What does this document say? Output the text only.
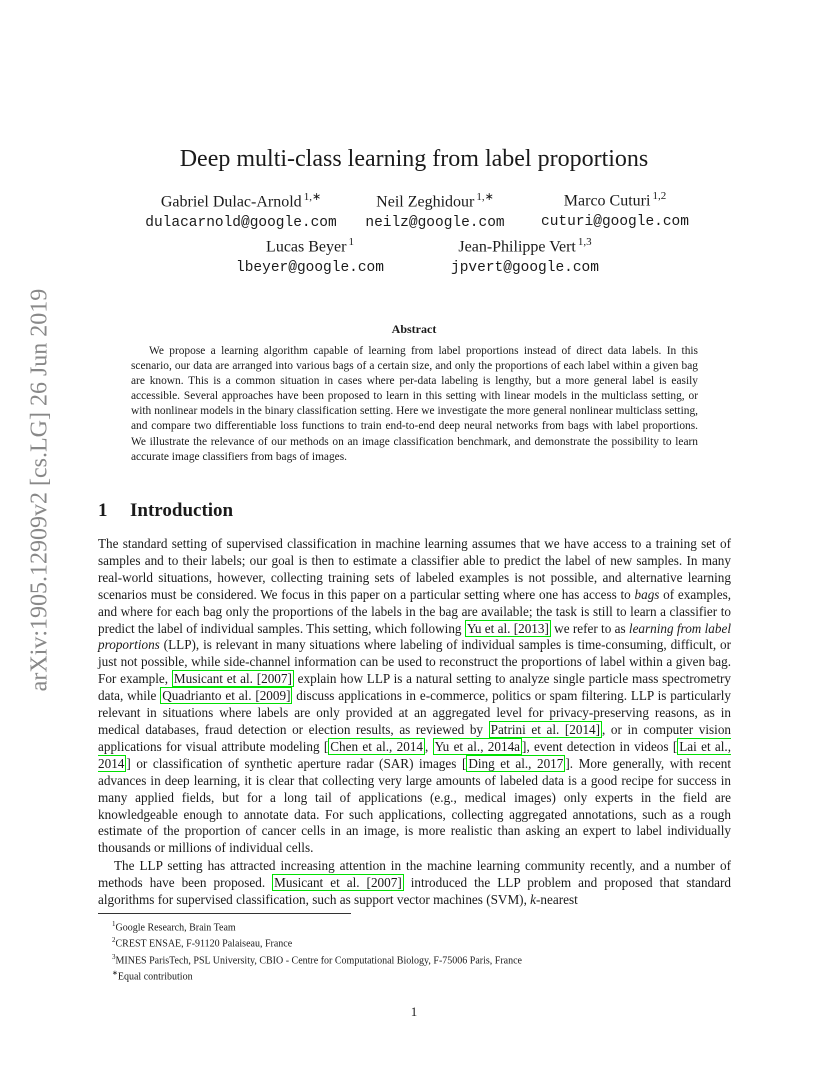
arXiv:1905.12909v2 [cs.LG] 26 Jun 2019
Deep multi-class learning from label proportions
Gabriel Dulac-Arnold $^{1,∗}$
dulacarnold@google.com
Neil Zeghidour $^{1,∗}$
neilz@google.com
Marco Cuturi $^{1,2}$
cuturi@google.com
Lucas Beyer $^1$
lbeyer@google.com
Jean-Philippe Vert $^{1,3}$
jpvert@google.com
Abstract
We propose a learning algorithm capable of learning from label proportions instead of direct data labels. In this scenario, our data are arranged into various bags of a certain size, and only the proportions of each label within a given bag are known. This is a common situation in cases where per-data labeling is lengthy, but a more general label is easily accessible. Several approaches have been proposed to learn in this setting with linear models in the multiclass setting, or with nonlinear models in the binary classification setting. Here we investigate the more general nonlinear multiclass setting, and compare two differentiable loss functions to train end-to-end deep neural networks from bags with label proportions. We illustrate the relevance of our methods on an image classification benchmark, and demonstrate the possibility to learn accurate image classifiers from bags of images.
1 Introduction

The standard setting of supervised classification in machine learning assumes that we have access to a training set of samples and to their labels; our goal is then to estimate a classifier able to predict the label of new samples. In many real-world situations, however, collecting training sets of labeled examples is not possible, and alternative learning scenarios must be considered. We focus in this paper on a particular setting where one has access to bags of examples, and where for each bag only the proportions of the labels in the bag are available; the task is still to learn a classifier to predict the label of individual samples. This setting, which following Yu et al. [2013] we refer to as learning from label proportions (LLP), is relevant in many situations where labeling of individual samples is time-consuming, difficult, or just not possible, while side-channel information can be used to reconstruct the proportions of label within a given bag. For example, Musicant et al. [2007] explain how LLP is a natural setting to analyze single particle mass spectrometry data, while Quadrianto et al. [2009] discuss applications in e-commerce, politics or spam filtering. LLP is particularly relevant in situations where labels are only provided at an aggregated level for privacy-preserving reasons, as in medical databases, fraud detection or election results, as reviewed by Patrini et al. [2014] , or in computer vision applications for visual attribute modeling [ Chen et al., 2014 , Yu et al., 2014a ], event detection in videos [ Lai et al., 2014 ] or classification of synthetic aperture radar (SAR) images [ Ding et al., 2017 ]. More generally, with recent advances in deep learning, it is clear that collecting very large amounts of labeled data is a good recipe for success in many applied fields, but for a long tail of applications (e.g., medical images) only experts in the field are knowledgeable enough to annotate data. For such applications, collecting aggregated annotations, such as a rough estimate of the proportion of cancer cells in an image, is more realistic than asking an expert to label individually thousands or millions of individual cells.

The LLP setting has attracted increasing attention in the machine learning community recently, and a number of methods have been proposed. Musicant et al. [2007] introduced the LLP problem and proposed that standard algorithms for supervised classification, such as support vector machines (SVM), k-nearest

$^1$Google Research, Brain Team
$^2$CREST ENSAE, F-91120 Palaiseau, France
$^3$MINES ParisTech, PSL University, CBIO - Centre for Computational Biology, F-75006 Paris, France
∗Equal contribution
1
